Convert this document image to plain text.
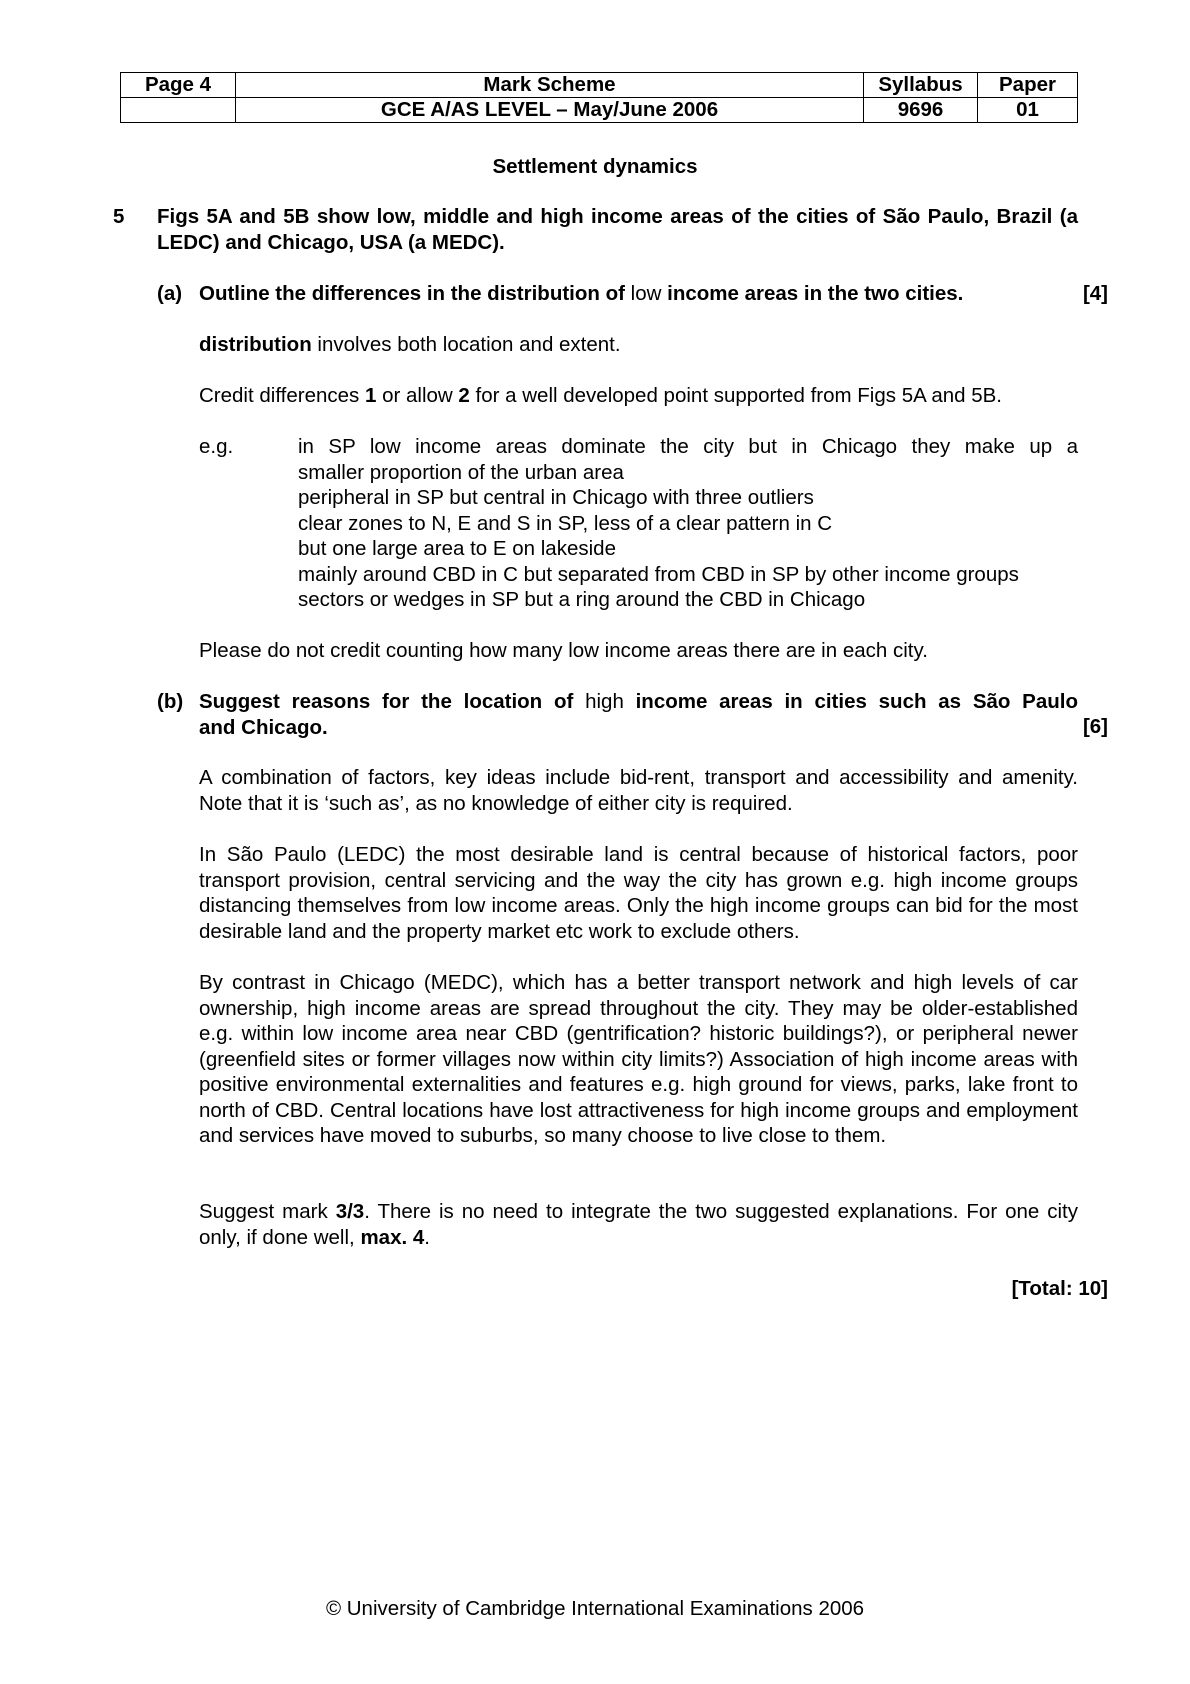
Page 4	Mark Scheme	Syllabus	Paper
	GCE A/AS LEVEL – May/June 2006	9696	01
Settlement dynamics
5 Figs 5A and 5B show low, middle and high income areas of the cities of São Paulo, Brazil (a LEDC) and Chicago, USA (a MEDC).
(a) Outline the differences in the distribution of low income areas in the two cities.	[4]
distribution involves both location and extent.
Credit differences 1 or allow 2 for a well developed point supported from Figs 5A and 5B.
e.g.	in SP low income areas dominate the city but in Chicago they make up a
smaller proportion of the urban area
peripheral in SP but central in Chicago with three outliers
clear zones to N, E and S in SP, less of a clear pattern in C
but one large area to E on lakeside
mainly around CBD in C but separated from CBD in SP by other income groups
sectors or wedges in SP but a ring around the CBD in Chicago
Please do not credit counting how many low income areas there are in each city.
(b) Suggest reasons for the location of high income areas in cities such as São Paulo
and Chicago.	[6]
A combination of factors, key ideas include bid-rent, transport and accessibility and amenity. Note that it is ‘such as’, as no knowledge of either city is required.
In São Paulo (LEDC) the most desirable land is central because of historical factors, poor transport provision, central servicing and the way the city has grown e.g. high income groups distancing themselves from low income areas. Only the high income groups can bid for the most desirable land and the property market etc work to exclude others.
By contrast in Chicago (MEDC), which has a better transport network and high levels of car ownership, high income areas are spread throughout the city. They may be older-established e.g. within low income area near CBD (gentrification? historic buildings?), or peripheral newer (greenfield sites or former villages now within city limits?) Association of high income areas with positive environmental externalities and features e.g. high ground for views, parks, lake front to north of CBD. Central locations have lost attractiveness for high income groups and employment and services have moved to suburbs, so many choose to live close to them.
Suggest mark 3/3. There is no need to integrate the two suggested explanations. For one city only, if done well, max. 4.
[Total: 10]
© University of Cambridge International Examinations 2006
